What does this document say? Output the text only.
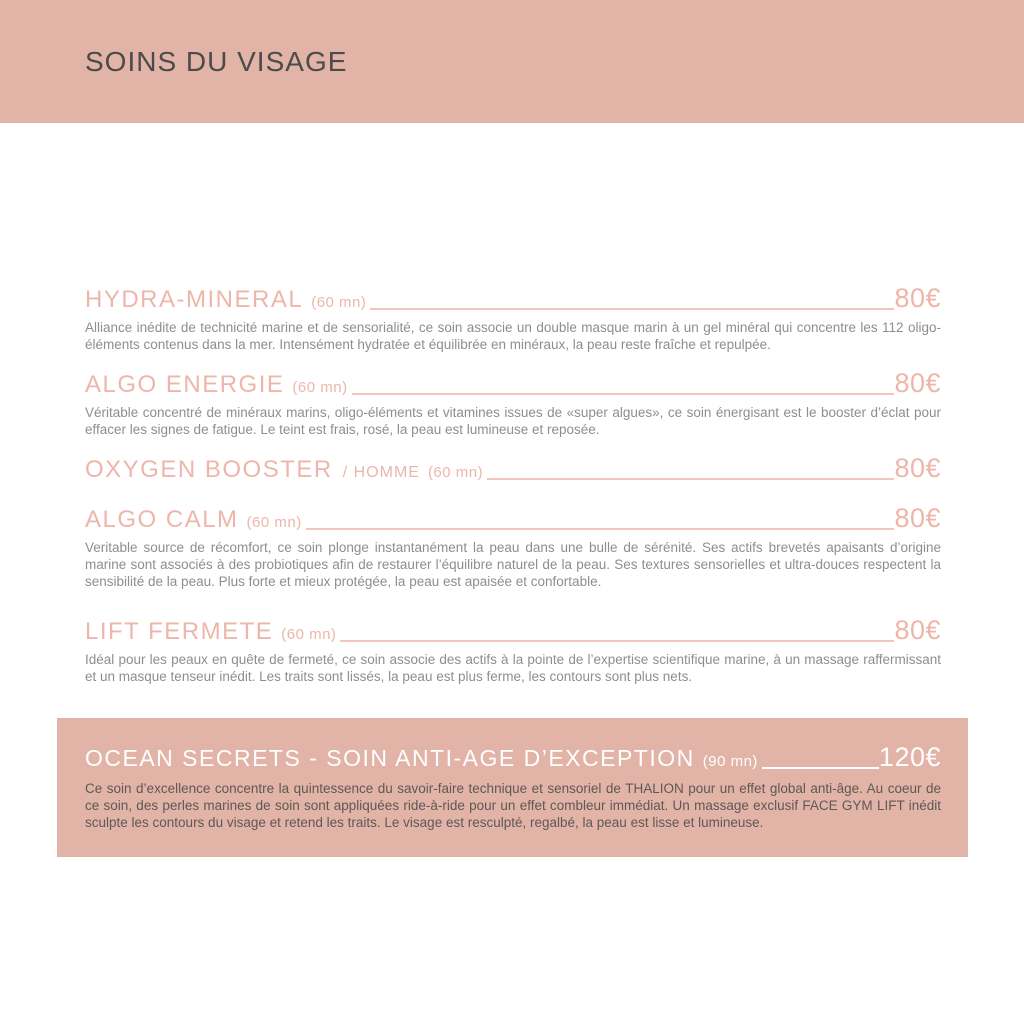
SOINS DU VISAGE
HYDRA-MINERAL (60 mn)	80€

Alliance inédite de technicité marine et de sensorialité, ce soin associe un double masque marin à un gel minéral qui concentre les 112 oligo-éléments contenus dans la mer. Intensément hydratée et équilibrée en minéraux, la peau reste fraîche et repulpée.

ALGO ENERGIE (60 mn)	80€

Véritable concentré de minéraux marins, oligo-éléments et vitamines issues de «super algues», ce soin énergisant est le booster d’éclat pour effacer les signes de fatigue. Le teint est frais, rosé, la peau est lumineuse et reposée.

OXYGEN BOOSTER / HOMME (60 mn)	80€
ALGO CALM (60 mn)	80€

Veritable source de récomfort, ce soin plonge instantanément la peau dans une bulle de sérénité. Ses actifs brevetés apaisants d’origine marine sont associés à des probiotiques afin de restaurer l’équilibre naturel de la peau. Ses textures sensorielles et ultra-douces respectent la sensibilité de la peau. Plus forte et mieux protégée, la peau est apaisée et confortable.

LIFT FERMETE (60 mn)	80€

Idéal pour les peaux en quête de fermeté, ce soin associe des actifs à la pointe de l’expertise scientifique marine, à un massage raffermissant et un masque tenseur inédit. Les traits sont lissés, la peau est plus ferme, les contours sont plus nets.

OCEAN SECRETS - SOIN ANTI-AGE D’EXCEPTION (90 mn)	120€

Ce soin d’excellence concentre la quintessence du savoir-faire technique et sensoriel de THALION pour un effet global anti-âge. Au coeur de ce soin, des perles marines de soin sont appliquées ride-à-ride pour un effet combleur immédiat. Un massage exclusif FACE GYM LIFT inédit sculpte les contours du visage et retend les traits. Le visage est resculpté, regalbé, la peau est lisse et lumineuse.
